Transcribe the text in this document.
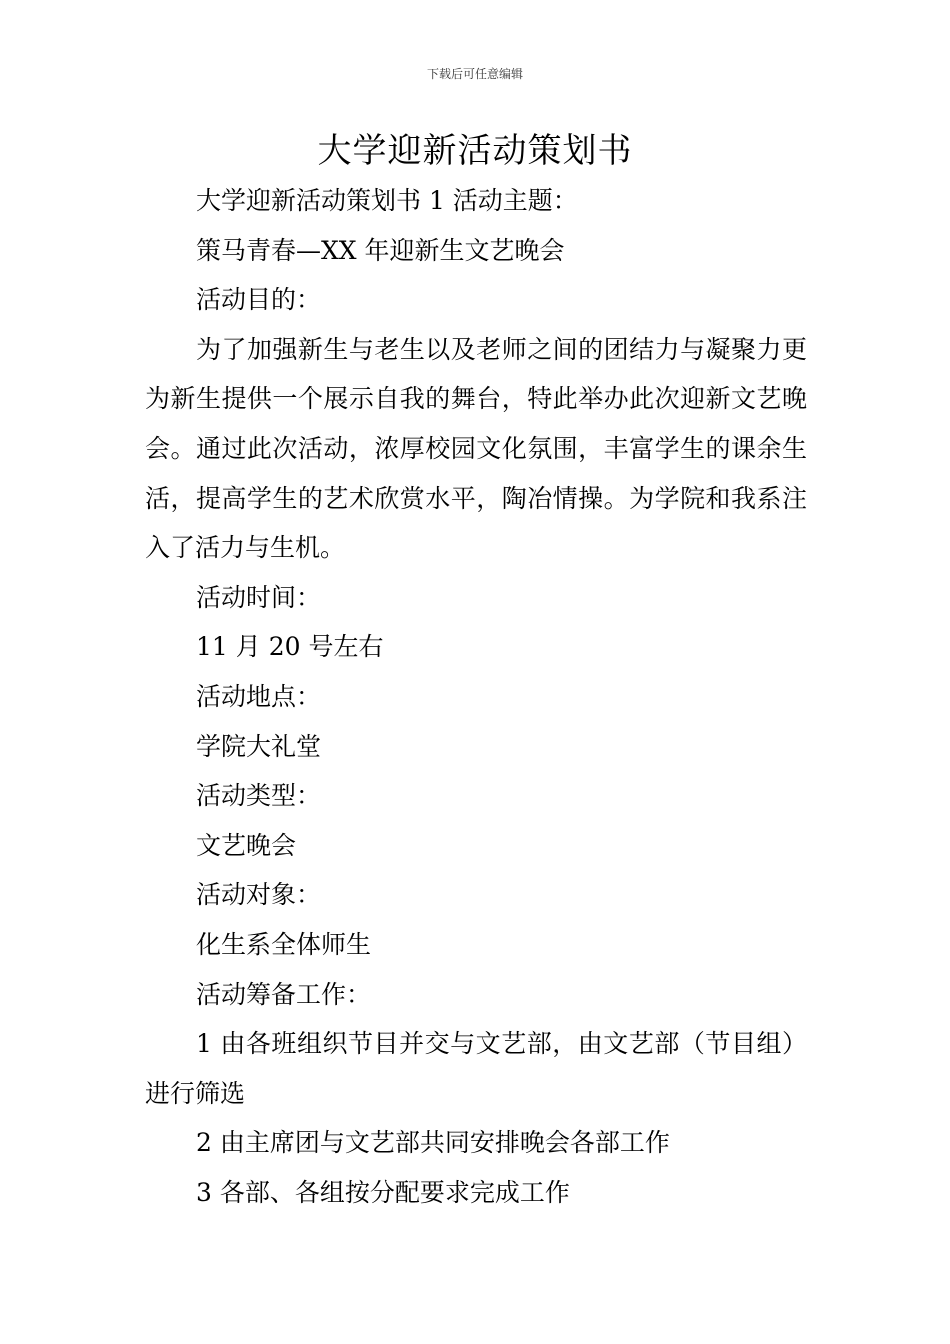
下载后可任意编辑
大学迎新活动策划书

大学迎新活动策划书 1 活动主题：

策马青春—XX 年迎新生文艺晚会

活动目的：

为了加强新生与老生以及老师之间的团结力与凝聚力更为新生提供一个展示自我的舞台，特此举办此次迎新文艺晚会。通过此次活动，浓厚校园文化氛围，丰富学生的课余生活，提高学生的艺术欣赏水平，陶冶情操。为学院和我系注入了活力与生机。

活动时间：

11 月 20 号左右

活动地点：

学院大礼堂

活动类型：

文艺晚会

活动对象：

化生系全体师生

活动筹备工作：

1 由各班组织节目并交与文艺部，由文艺部（节目组）进行筛选

2 由主席团与文艺部共同安排晚会各部工作

3 各部、各组按分配要求完成工作
